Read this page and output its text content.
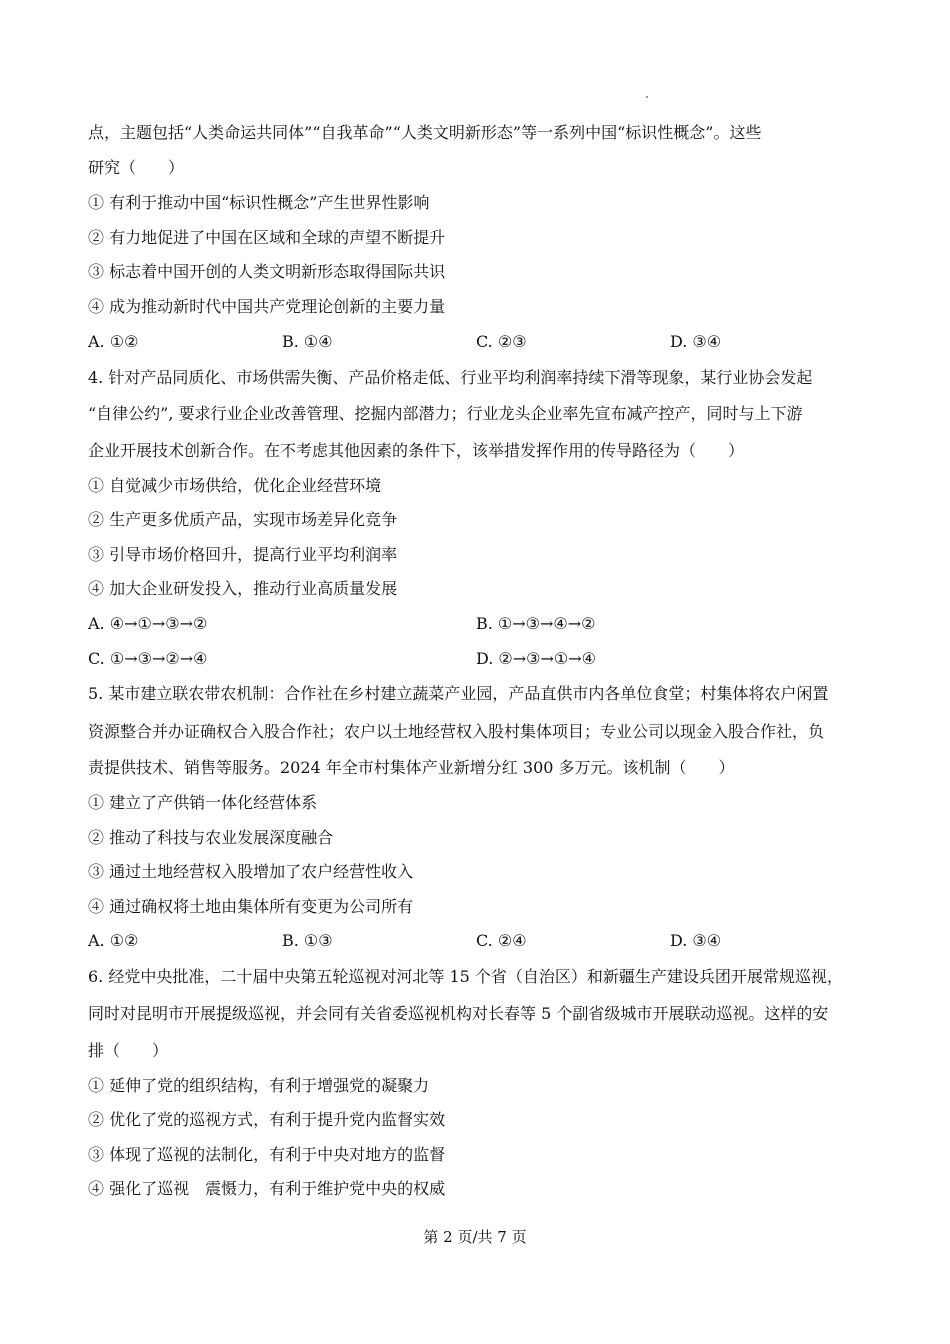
点，主题包括“人类命运共同体”“自我革命”“人类文明新形态”等一系列中国“标识性概念”。这些
研究（　　）
① 有利于推动中国“标识性概念”产生世界性影响
② 有力地促进了中国在区域和全球的声望不断提升
③ 标志着中国开创的人类文明新形态取得国际共识
④ 成为推动新时代中国共产党理论创新的主要力量
A. ①②	B. ①④	C. ②③	D. ③④
4. 针对产品同质化、市场供需失衡、产品价格走低、行业平均利润率持续下滑等现象，某行业协会发起
“自律公约”, 要求行业企业改善管理、挖掘内部潜力；行业龙头企业率先宣布减产控产，同时与上下游
企业开展技术创新合作。在不考虑其他因素的条件下，该举措发挥作用的传导路径为（　　）
① 自觉减少市场供给，优化企业经营环境
② 生产更多优质产品，实现市场差异化竞争
③ 引导市场价格回升，提高行业平均利润率
④ 加大企业研发投入，推动行业高质量发展
A. ④→①→③→②	B. ①→③→④→②
C. ①→③→②→④	D. ②→③→①→④
5. 某市建立联农带农机制：合作社在乡村建立蔬菜产业园，产品直供市内各单位食堂；村集体将农户闲置
资源整合并办证确权合入股合作社；农户以土地经营权入股村集体项目；专业公司以现金入股合作社，负
责提供技术、销售等服务。2024 年全市村集体产业新增分红 300 多万元。该机制（　　）
① 建立了产供销一体化经营体系
② 推动了科技与农业发展深度融合
③ 通过土地经营权入股增加了农户经营性收入
④ 通过确权将土地由集体所有变更为公司所有
A. ①②	B. ①③	C. ②④	D. ③④
6. 经党中央批准，二十届中央第五轮巡视对河北等 15 个省（自治区）和新疆生产建设兵团开展常规巡视，
同时对昆明市开展提级巡视，并会同有关省委巡视机构对长春等 5 个副省级城市开展联动巡视。这样的安
排（　　）
① 延伸了党的组织结构，有利于增强党的凝聚力
② 优化了党的巡视方式，有利于提升党内监督实效
③ 体现了巡视的法制化，有利于中央对地方的监督
④ 强化了巡视　震慑力，有利于维护党中央的权威
第 2 页/共 7 页
